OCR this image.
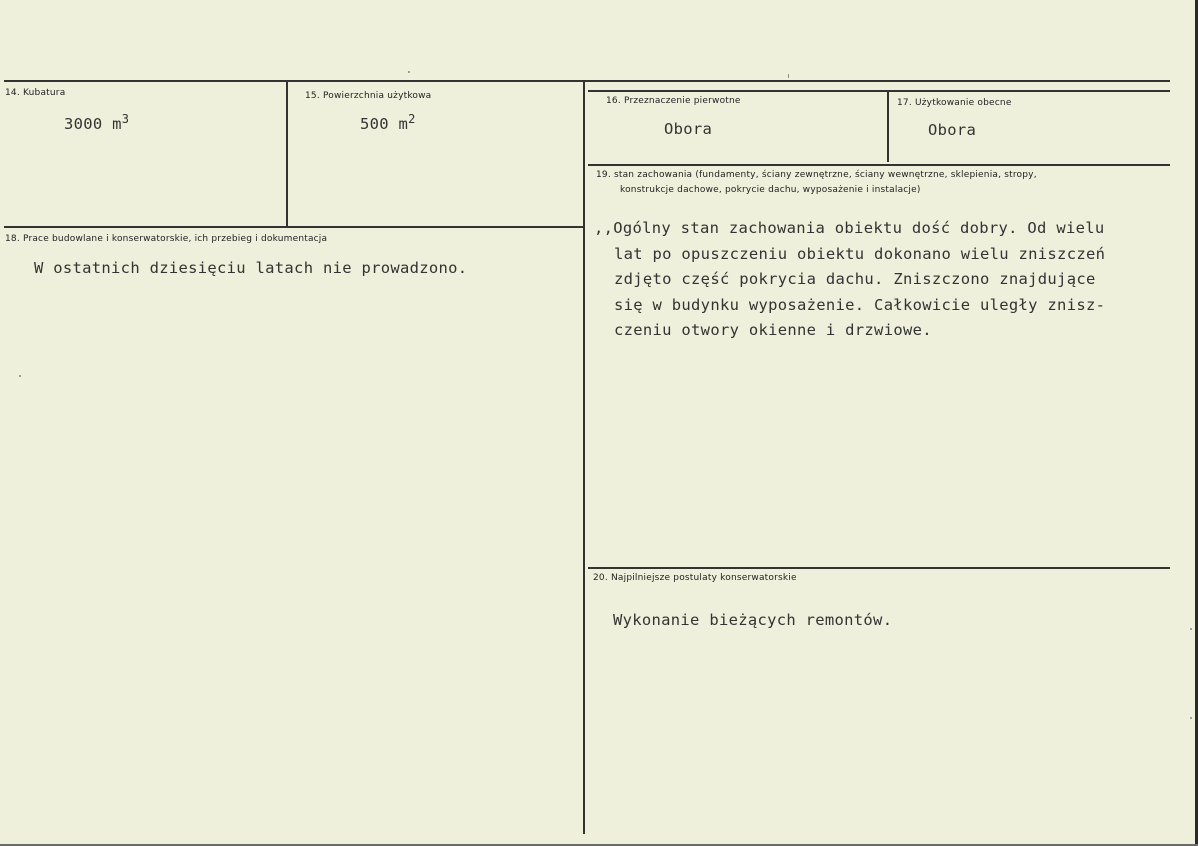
14. Kubatura
3000 $m^3$
15. Powierzchnia użytkowa
500 $m^2$
16. Przeznaczenie pierwotne
Obora
17. Użytkowanie obecne
Obora
19. stan zachowania (fundamenty, ściany zewnętrzne, ściany wewnętrzne, sklepienia, stropy,
konstrukcje dachowe, pokrycie dachu, wyposażenie i instalacje)
,,Ogólny stan zachowania obiektu dość dobry. Od wielu
lat po opuszczeniu obiektu dokonano wielu zniszczeń
zdjęto część pokrycia dachu. Zniszczono znajdujące
się w budynku wyposażenie. Całkowicie uległy znisz-
czeniu otwory okienne i drzwiowe.
18. Prace budowlane i konserwatorskie, ich przebieg i dokumentacja
W ostatnich dziesięciu latach nie prowadzono.
20. Najpilniejsze postulaty konserwatorskie
Wykonanie bieżących remontów.
